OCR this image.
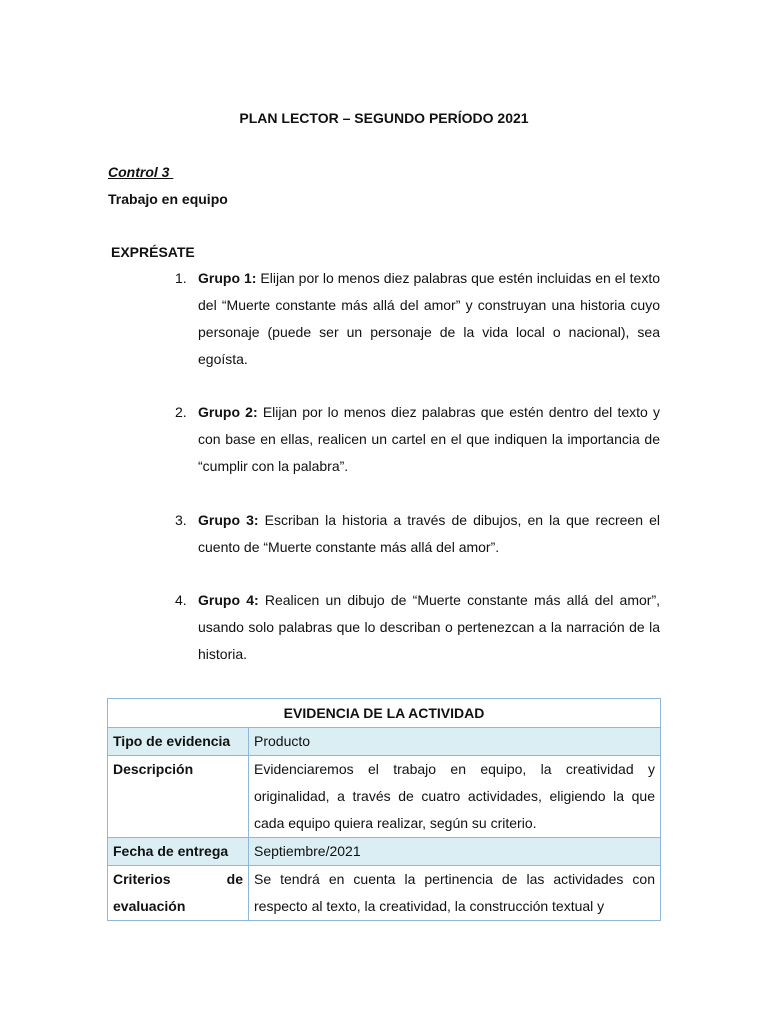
PLAN LECTOR – SEGUNDO PERÍODO 2021
Control 3
Trabajo en equipo
EXPRÉSATE
1. Grupo 1: Elijan por lo menos diez palabras que estén incluidas en el texto del “Muerte constante más allá del amor” y construyan una historia cuyo personaje (puede ser un personaje de la vida local o nacional), sea egoísta.
2. Grupo 2: Elijan por lo menos diez palabras que estén dentro del texto y con base en ellas, realicen un cartel en el que indiquen la importancia de “cumplir con la palabra”.
3. Grupo 3: Escriban la historia a través de dibujos, en la que recreen el cuento de “Muerte constante más allá del amor”.
4. Grupo 4: Realicen un dibujo de “Muerte constante más allá del amor”, usando solo palabras que lo describan o pertenezcan a la narración de la historia.
EVIDENCIA DE LA ACTIVIDAD	
Tipo de evidencia	Producto

Descripción	Evidenciaremos el trabajo en equipo, la creatividad y originalidad, a través de cuatro actividades, eligiendo la que cada equipo quiera realizar, según su criterio.

Fecha de entrega	Septiembre/2021

Criterios de
evaluación	Se tendrá en cuenta la pertinencia de las actividades con respecto al texto, la creatividad, la construcción textual y
